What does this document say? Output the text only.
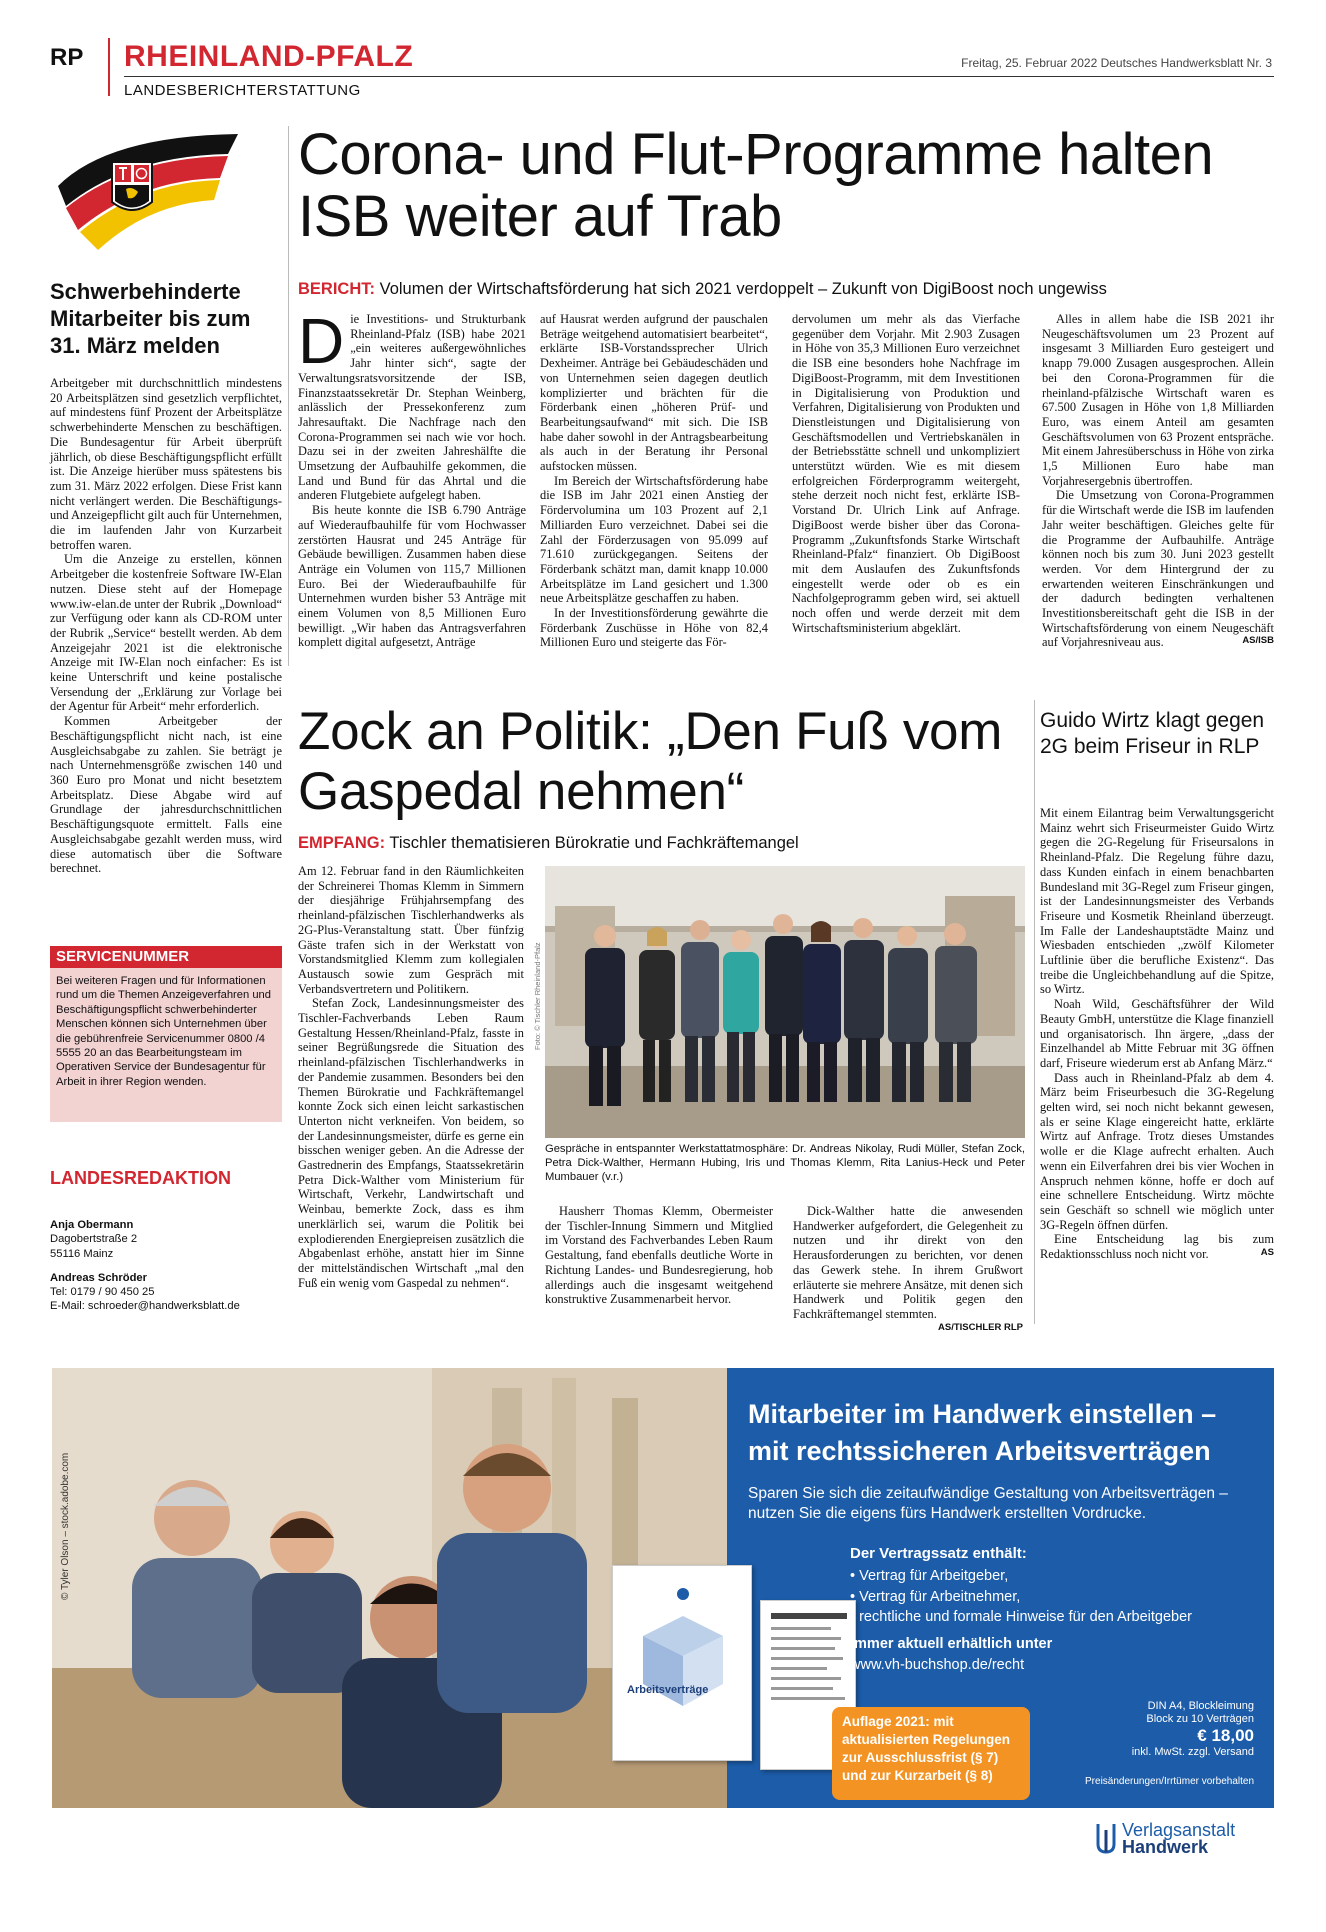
RP RHEINLAND-PFALZ
LANDESBERICHTERSTATTUNG
Freitag, 25. Februar 2022 Deutsches Handwerksblatt Nr. 3
Schwerbehinderte Mitarbeiter bis zum 31. März melden

Arbeitgeber mit durchschnittlich mindestens 20 Arbeitsplätzen sind gesetzlich verpflichtet, auf mindestens fünf Prozent der Arbeitsplätze schwerbehinderte Menschen zu beschäftigen. Die Bundesagentur für Arbeit überprüft jährlich, ob diese Beschäftigungspflicht erfüllt ist. Die Anzeige hierüber muss spätestens bis zum 31. März 2022 erfolgen. Diese Frist kann nicht verlängert werden. Die Beschäftigungs- und Anzeigepflicht gilt auch für Unternehmen, die im laufenden Jahr von Kurzarbeit betroffen waren.

Um die Anzeige zu erstellen, können Arbeitgeber die kostenfreie Software IW-Elan nutzen. Diese steht auf der Homepage www.iw-elan.de unter der Rubrik „Download“ zur Verfügung oder kann als CD-ROM unter der Rubrik „Service“ bestellt werden. Ab dem Anzeigejahr 2021 ist die elektronische Anzeige mit IW-Elan noch einfacher: Es ist keine Unterschrift und keine postalische Versendung der „Erklärung zur Vorlage bei der Agentur für Arbeit“ mehr erforderlich.

Kommen Arbeitgeber der Beschäftigungspflicht nicht nach, ist eine Ausgleichsabgabe zu zahlen. Sie beträgt je nach Unternehmensgröße zwischen 140 und 360 Euro pro Monat und nicht besetztem Arbeitsplatz. Diese Abgabe wird auf Grundlage der jahresdurchschnittlichen Beschäftigungsquote ermittelt. Falls eine Ausgleichsabgabe gezahlt werden muss, wird diese automatisch über die Software berechnet.

SERVICENUMMER
Bei weiteren Fragen und für Informationen rund um die Themen Anzeigeverfahren und Beschäftigungspflicht schwerbehinderter Menschen können sich Unternehmen über die gebührenfreie Servicenummer 0800 /4 5555 20 an das Bearbeitungsteam im Operativen Service der Bundesagentur für Arbeit in ihrer Region wenden.
LANDESREDAKTION
Anja Obermann
Dagobertstraße 2
55116 Mainz
Andreas Schröder
Tel: 0179 / 90 450 25
E-Mail: schroeder@handwerksblatt.de
Corona- und Flut-Programme halten ISB weiter auf Trab
BERICHT: Volumen der Wirtschaftsförderung hat sich 2021 verdoppelt – Zukunft von DigiBoost noch ungewiss

Die Investitions- und Strukturbank Rheinland-Pfalz (ISB) habe 2021 „ein weiteres außergewöhnliches Jahr hinter sich“, sagte der Verwaltungsratsvorsitzende der ISB, Finanzstaatssekretär Dr. Stephan Weinberg, anlässlich der Pressekonferenz zum Jahresauftakt. Die Nachfrage nach den Corona-Programmen sei nach wie vor hoch. Dazu sei in der zweiten Jahreshälfte die Umsetzung der Aufbauhilfe gekommen, die Land und Bund für das Ahrtal und die anderen Flutgebiete aufgelegt haben.

Bis heute konnte die ISB 6.790 Anträge auf Wiederaufbauhilfe für vom Hochwasser zerstörten Hausrat und 245 Anträge für Gebäude bewilligen. Zusammen haben diese Anträge ein Volumen von 115,7 Millionen Euro. Bei der Wiederaufbauhilfe für Unternehmen wurden bisher 53 Anträge mit einem Volumen von 8,5 Millionen Euro bewilligt. „Wir haben das Antragsverfahren komplett digital aufgesetzt, Anträge

auf Hausrat werden aufgrund der pauschalen Beträge weitgehend automatisiert bearbeitet“, erklärte ISB-Vorstandssprecher Ulrich Dexheimer. Anträge bei Gebäudeschäden und von Unternehmen seien dagegen deutlich komplizierter und brächten für die Förderbank einen „höheren Prüf- und Bearbeitungsaufwand“ mit sich. Die ISB habe daher sowohl in der Antragsbearbeitung als auch in der Beratung ihr Personal aufstocken müssen.

Im Bereich der Wirtschaftsförderung habe die ISB im Jahr 2021 einen Anstieg der Fördervolumina um 103 Prozent auf 2,1 Milliarden Euro verzeichnet. Dabei sei die Zahl der Förderzusagen von 95.099 auf 71.610 zurückgegangen. Seitens der Förderbank schätzt man, damit knapp 10.000 Arbeitsplätze im Land gesichert und 1.300 neue Arbeitsplätze geschaffen zu haben.

In der Investitionsförderung gewährte die Förderbank Zuschüsse in Höhe von 82,4 Millionen Euro und steigerte das För-

dervolumen um mehr als das Vierfache gegenüber dem Vorjahr. Mit 2.903 Zusagen in Höhe von 35,3 Millionen Euro verzeichnet die ISB eine besonders hohe Nachfrage im DigiBoost-Programm, mit dem Investitionen in Digitalisierung von Produktion und Verfahren, Digitalisierung von Produkten und Dienstleistungen und Digitalisierung von Geschäftsmodellen und Vertriebskanälen in der Betriebsstätte schnell und unkompliziert unterstützt würden. Wie es mit diesem erfolgreichen Förderprogramm weitergeht, stehe derzeit noch nicht fest, erklärte ISB-Vorstand Dr. Ulrich Link auf Anfrage. DigiBoost werde bisher über das Corona-Programm „Zukunftsfonds Starke Wirtschaft Rheinland-Pfalz“ finanziert. Ob DigiBoost mit dem Auslaufen des Zukunftsfonds eingestellt werde oder ob es ein Nachfolgeprogramm geben wird, sei aktuell noch offen und werde derzeit mit dem Wirtschaftsministerium abgeklärt.

Alles in allem habe die ISB 2021 ihr Neugeschäftsvolumen um 23 Prozent auf insgesamt 3 Milliarden Euro gesteigert und knapp 79.000 Zusagen ausgesprochen. Allein bei den Corona-Programmen für die rheinland-pfälzische Wirtschaft waren es 67.500 Zusagen in Höhe von 1,8 Milliarden Euro, was einem Anteil am gesamten Geschäftsvolumen von 63 Prozent entspräche. Mit einem Jahresüberschuss in Höhe von zirka 1,5 Millionen Euro habe man Vorjahresergebnis übertroffen.

Die Umsetzung von Corona-Programmen für die Wirtschaft werde die ISB im laufenden Jahr weiter beschäftigen. Gleiches gelte für die Programme der Aufbauhilfe. Anträge können noch bis zum 30. Juni 2023 gestellt werden. Vor dem Hintergrund der zu erwartenden weiteren Einschränkungen und der dadurch bedingten verhaltenen Investitionsbereitschaft geht die ISB in der Wirtschaftsförderung von einem Neugeschäft auf Vorjahresniveau aus.	AS/ISB

Zock an Politik: „Den Fuß vom Gaspedal nehmen“
EMPFANG: Tischler thematisieren Bürokratie und Fachkräftemangel

Am 12. Februar fand in den Räumlichkeiten der Schreinerei Thomas Klemm in Simmern der diesjährige Frühjahrsempfang des rheinland-pfälzischen Tischlerhandwerks als 2G-Plus-Veranstaltung statt. Über fünfzig Gäste trafen sich in der Werkstatt von Vorstandsmitglied Klemm zum kollegialen Austausch sowie zum Gespräch mit Verbandsvertretern und Politikern.

Stefan Zock, Landesinnungsmeister des Tischler-Fachverbands Leben Raum Gestaltung Hessen/Rheinland-Pfalz, fasste in seiner Begrüßungsrede die Situation des rheinland-pfälzischen Tischlerhandwerks in der Pandemie zusammen. Besonders bei den Themen Bürokratie und Fachkräftemangel konnte Zock sich einen leicht sarkastischen Unterton nicht verkneifen. Von beidem, so der Landesinnungsmeister, dürfe es gerne ein bisschen weniger geben. An die Adresse der Gastrednerin des Empfangs, Staatssekretärin Petra Dick-Walther vom Ministerium für Wirtschaft, Verkehr, Landwirtschaft und Weinbau, bemerkte Zock, dass es ihm unerklärlich sei, warum die Politik bei explodierenden Energiepreisen zusätzlich die Abgabenlast erhöhe, anstatt hier im Sinne der mittelständischen Wirtschaft „mal den Fuß ein wenig vom Gaspedal zu nehmen“.

Foto: © Tischler Rheinland-Pfalz
Gespräche in entspannter Werkstattatmosphäre: Dr. Andreas Nikolay, Rudi Müller, Stefan Zock, Petra Dick-Walther, Hermann Hubing, Iris und Thomas Klemm, Rita Lanius-Heck und Peter Mumbauer (v.r.)

Hausherr Thomas Klemm, Obermeister der Tischler-Innung Simmern und Mitglied im Vorstand des Fachverbandes Leben Raum Gestaltung, fand ebenfalls deutliche Worte in Richtung Landes- und Bundesregierung, hob allerdings auch die insgesamt weitgehend konstruktive Zusammenarbeit hervor.

Dick-Walther hatte die anwesenden Handwerker aufgefordert, die Gelegenheit zu nutzen und ihr direkt von den Herausforderungen zu berichten, vor denen das Gewerk stehe. In ihrem Grußwort erläuterte sie mehrere Ansätze, mit denen sich Handwerk und Politik gegen den Fachkräftemangel stemmten.
AS/TISCHLER RLP

Guido Wirtz klagt gegen 2G beim Friseur in RLP

Mit einem Eilantrag beim Verwaltungsgericht Mainz wehrt sich Friseurmeister Guido Wirtz gegen die 2G-Regelung für Friseursalons in Rheinland-Pfalz. Die Regelung führe dazu, dass Kunden einfach in einem benachbarten Bundesland mit 3G-Regel zum Friseur gingen, ist der Landesinnungsmeister des Verbands Friseure und Kosmetik Rheinland überzeugt. Im Falle der Landeshauptstädte Mainz und Wiesbaden entschieden „zwölf Kilometer Luftlinie über die berufliche Existenz“. Das treibe die Ungleichbehandlung auf die Spitze, so Wirtz.

Noah Wild, Geschäftsführer der Wild Beauty GmbH, unterstütze die Klage finanziell und organisatorisch. Ihn ärgere, „dass der Einzelhandel ab Mitte Februar mit 3G öffnen darf, Friseure wiederum erst ab Anfang März.“

Dass auch in Rheinland-Pfalz ab dem 4. März beim Friseurbesuch die 3G-Regelung gelten wird, sei noch nicht bekannt gewesen, als er seine Klage eingereicht hatte, erklärte Wirtz auf Anfrage. Trotz dieses Umstandes wolle er die Klage aufrecht erhalten. Auch wenn ein Eilverfahren drei bis vier Wochen in Anspruch nehmen könne, hoffe er doch auf eine schnellere Entscheidung. Wirtz möchte sein Geschäft so schnell wie möglich unter 3G-Regeln öffnen dürfen.

Eine Entscheidung lag bis zum Redaktionsschluss noch nicht vor.	AS

© Tyler Olson – stock.adobe.com
Arbeitsverträge
Mitarbeiter im Handwerk einstellen – mit rechtssicheren Arbeitsverträgen
Sparen Sie sich die zeitaufwändige Gestaltung von Arbeitsverträgen – nutzen Sie die eigens fürs Handwerk erstellten Vordrucke.
Der Vertragssatz enthält:
• Vertrag für Arbeitgeber,
• Vertrag für Arbeitnehmer,
• rechtliche und formale Hinweise für den Arbeitgeber
Immer aktuell erhältlich unter
www.vh-buchshop.de/recht
Auflage 2021: mit aktualisierten Regelungen zur Ausschlussfrist (§ 7) und zur Kurzarbeit (§ 8)
DIN A4, Blockleimung
Block zu 10 Verträgen
€ 18,00
inkl. MwSt. zzgl. Versand
Preisänderungen/Irrtümer vorbehalten
Verlagsanstalt
Handwerk
